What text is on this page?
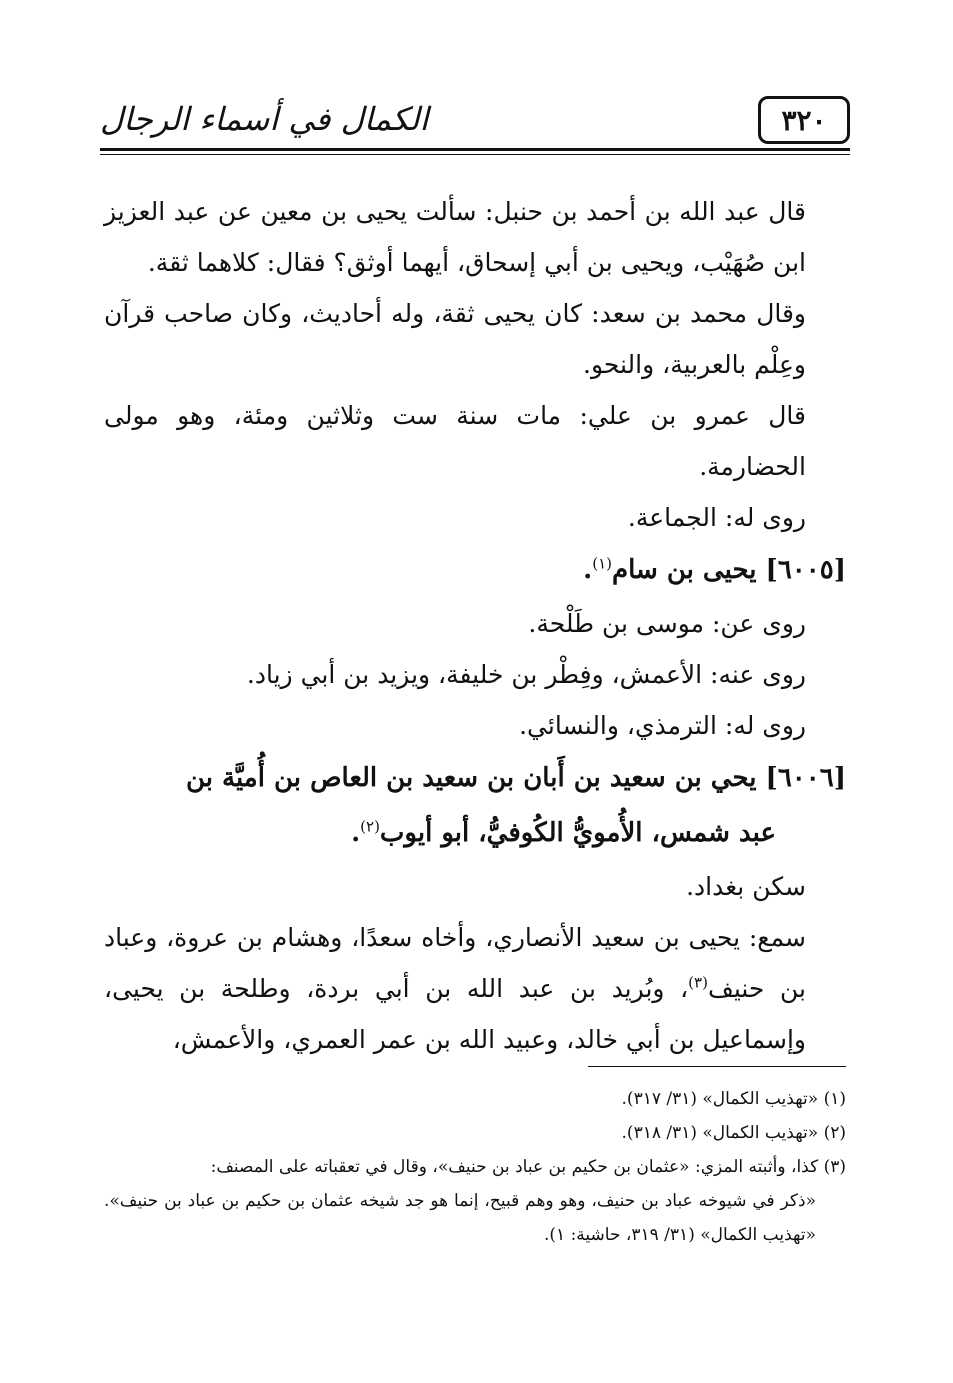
الكمال في أسماء الرجال	٣٢٠

قال عبد الله بن أحمد بن حنبل: سألت يحيى بن معين عن عبد العزيز ابن صُهَيْب، ويحيى بن أبي إسحاق، أيهما أوثق؟ فقال: كلاهما ثقة.

وقال محمد بن سعد: كان يحيى ثقة، وله أحاديث، وكان صاحب قرآن وعِلْم بالعربية، والنحو.

قال عمرو بن علي: مات سنة ست وثلاثين ومئة، وهو مولى الحضارمة.

روى له: الجماعة.

[٦٠٠٥] يحيى بن سام$^{(١)}$.

روى عن: موسى بن طَلْحة.

روى عنه: الأعمش، وفِطْر بن خليفة، ويزيد بن أبي زياد.

روى له: الترمذي، والنسائي.

[٦٠٠٦] يحي بن سعيد بن أَبان بن سعيد بن العاص بن أُميَّة بن
عبد شمس، الأُمويُّ الكُوفيُّ، أبو أيوب$^{(٢)}$.

سكن بغداد.

سمع: يحيى بن سعيد الأنصاري، وأخاه سعدًا، وهشام بن عروة، وعباد بن حنيف$^{(٣)}$، وبُريد بن عبد الله بن أبي بردة، وطلحة بن يحيى، وإسماعيل بن أبي خالد، وعبيد الله بن عمر العمري، والأعمش،

(١) «تهذيب الكمال» (٣١/ ٣١٧).

(٢) «تهذيب الكمال» (٣١/ ٣١٨).

(٣) كذا، وأثبته المزي: «عثمان بن حكيم بن عباد بن حنيف»، وقال في تعقباته على المصنف:

«ذكر في شيوخه عباد بن حنيف، وهو وهم قبيح، إنما هو جد شيخه عثمان بن حكيم بن عباد بن حنيف». «تهذيب الكمال» (٣١/ ٣١٩، حاشية: ١).
